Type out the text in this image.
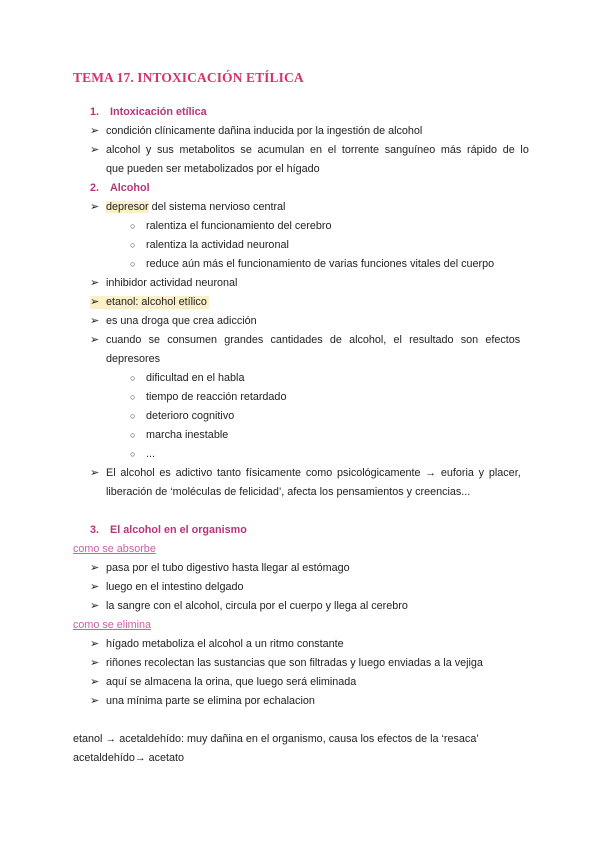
TEMA 17. INTOXICACIÓN ETÍLICA
1. Intoxicación etílica
➢ condición clínicamente dañina inducida por la ingestión de alcohol
➢ alcohol y sus metabolitos se acumulan en el torrente sanguíneo más rápido de lo
que pueden ser metabolizados por el hígado
2. Alcohol
➢ depresor del sistema nervioso central
○ ralentiza el funcionamiento del cerebro
○ ralentiza la actividad neuronal
○ reduce aún más el funcionamiento de varias funciones vitales del cuerpo
➢ inhibidor actividad neuronal
➢ etanol: alcohol etílico
➢ es una droga que crea adicción
➢ cuando se consumen grandes cantidades de alcohol, el resultado son efectos
depresores
○ dificultad en el habla
○ tiempo de reacción retardado
○ deterioro cognitivo
○ marcha inestable
○ ...
➢ El alcohol es adictivo tanto físicamente como psicológicamente → euforia y placer,
liberación de ‘moléculas de felicidad’, afecta los pensamientos y creencias...
3. El alcohol en el organismo
como se absorbe
➢ pasa por el tubo digestivo hasta llegar al estómago
➢ luego en el intestino delgado
➢ la sangre con el alcohol, circula por el cuerpo y llega al cerebro
como se elimina
➢ hígado metaboliza el alcohol a un ritmo constante
➢ riñones recolectan las sustancias que son filtradas y luego enviadas a la vejiga
➢ aquí se almacena la orina, que luego será eliminada
➢ una mínima parte se elimina por echalacion
etanol → acetaldehído: muy dañina en el organismo, causa los efectos de la ‘resaca’
acetaldehído→ acetato
